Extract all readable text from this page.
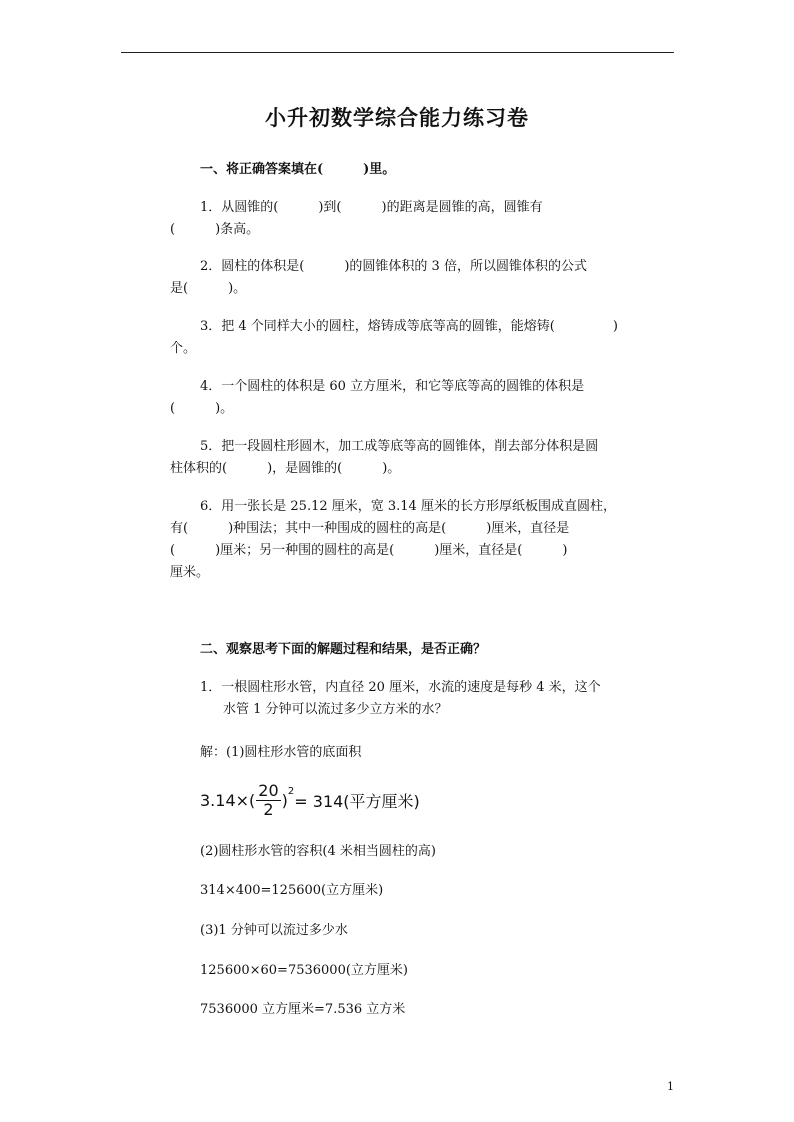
小升初数学综合能力练习卷
一、将正确答案填在(	)里。
1．从圆锥的(	)到(	)的距离是圆锥的高，圆锥有
(	)条高。
2．圆柱的体积是(	)的圆锥体积的 3 倍，所以圆锥体积的公式
是(	)。
3．把 4 个同样大小的圆柱，熔铸成等底等高的圆锥，能熔铸(	)
个。
4．一个圆柱的体积是 60 立方厘米，和它等底等高的圆锥的体积是
(	)。
5．把一段圆柱形圆木，加工成等底等高的圆锥体，削去部分体积是圆
柱体积的(	)，是圆锥的(	)。
6．用一张长是 25.12 厘米，宽 3.14 厘米的长方形厚纸板围成直圆柱，
有(	)种围法；其中一种围成的圆柱的高是(	)厘米，直径是
(	)厘米；另一种围的圆柱的高是(	)厘米，直径是(	)
厘米。
二、观察思考下面的解题过程和结果，是否正确？
1．一根圆柱形水管，内直径 20 厘米，水流的速度是每秒 4 米，这个
水管 1 分钟可以流过多少立方米的水？
解：(1)圆柱形水管的底面积
$3.14\times( \frac{20}{2}$ ) 2
= 314(平方厘米)
(2)圆柱形水管的容积(4 米相当圆柱的高)
314×400=125600(立方厘米)
(3)1 分钟可以流过多少水
125600×60=7536000(立方厘米)
7536000 立方厘米=7.536 立方米
1
